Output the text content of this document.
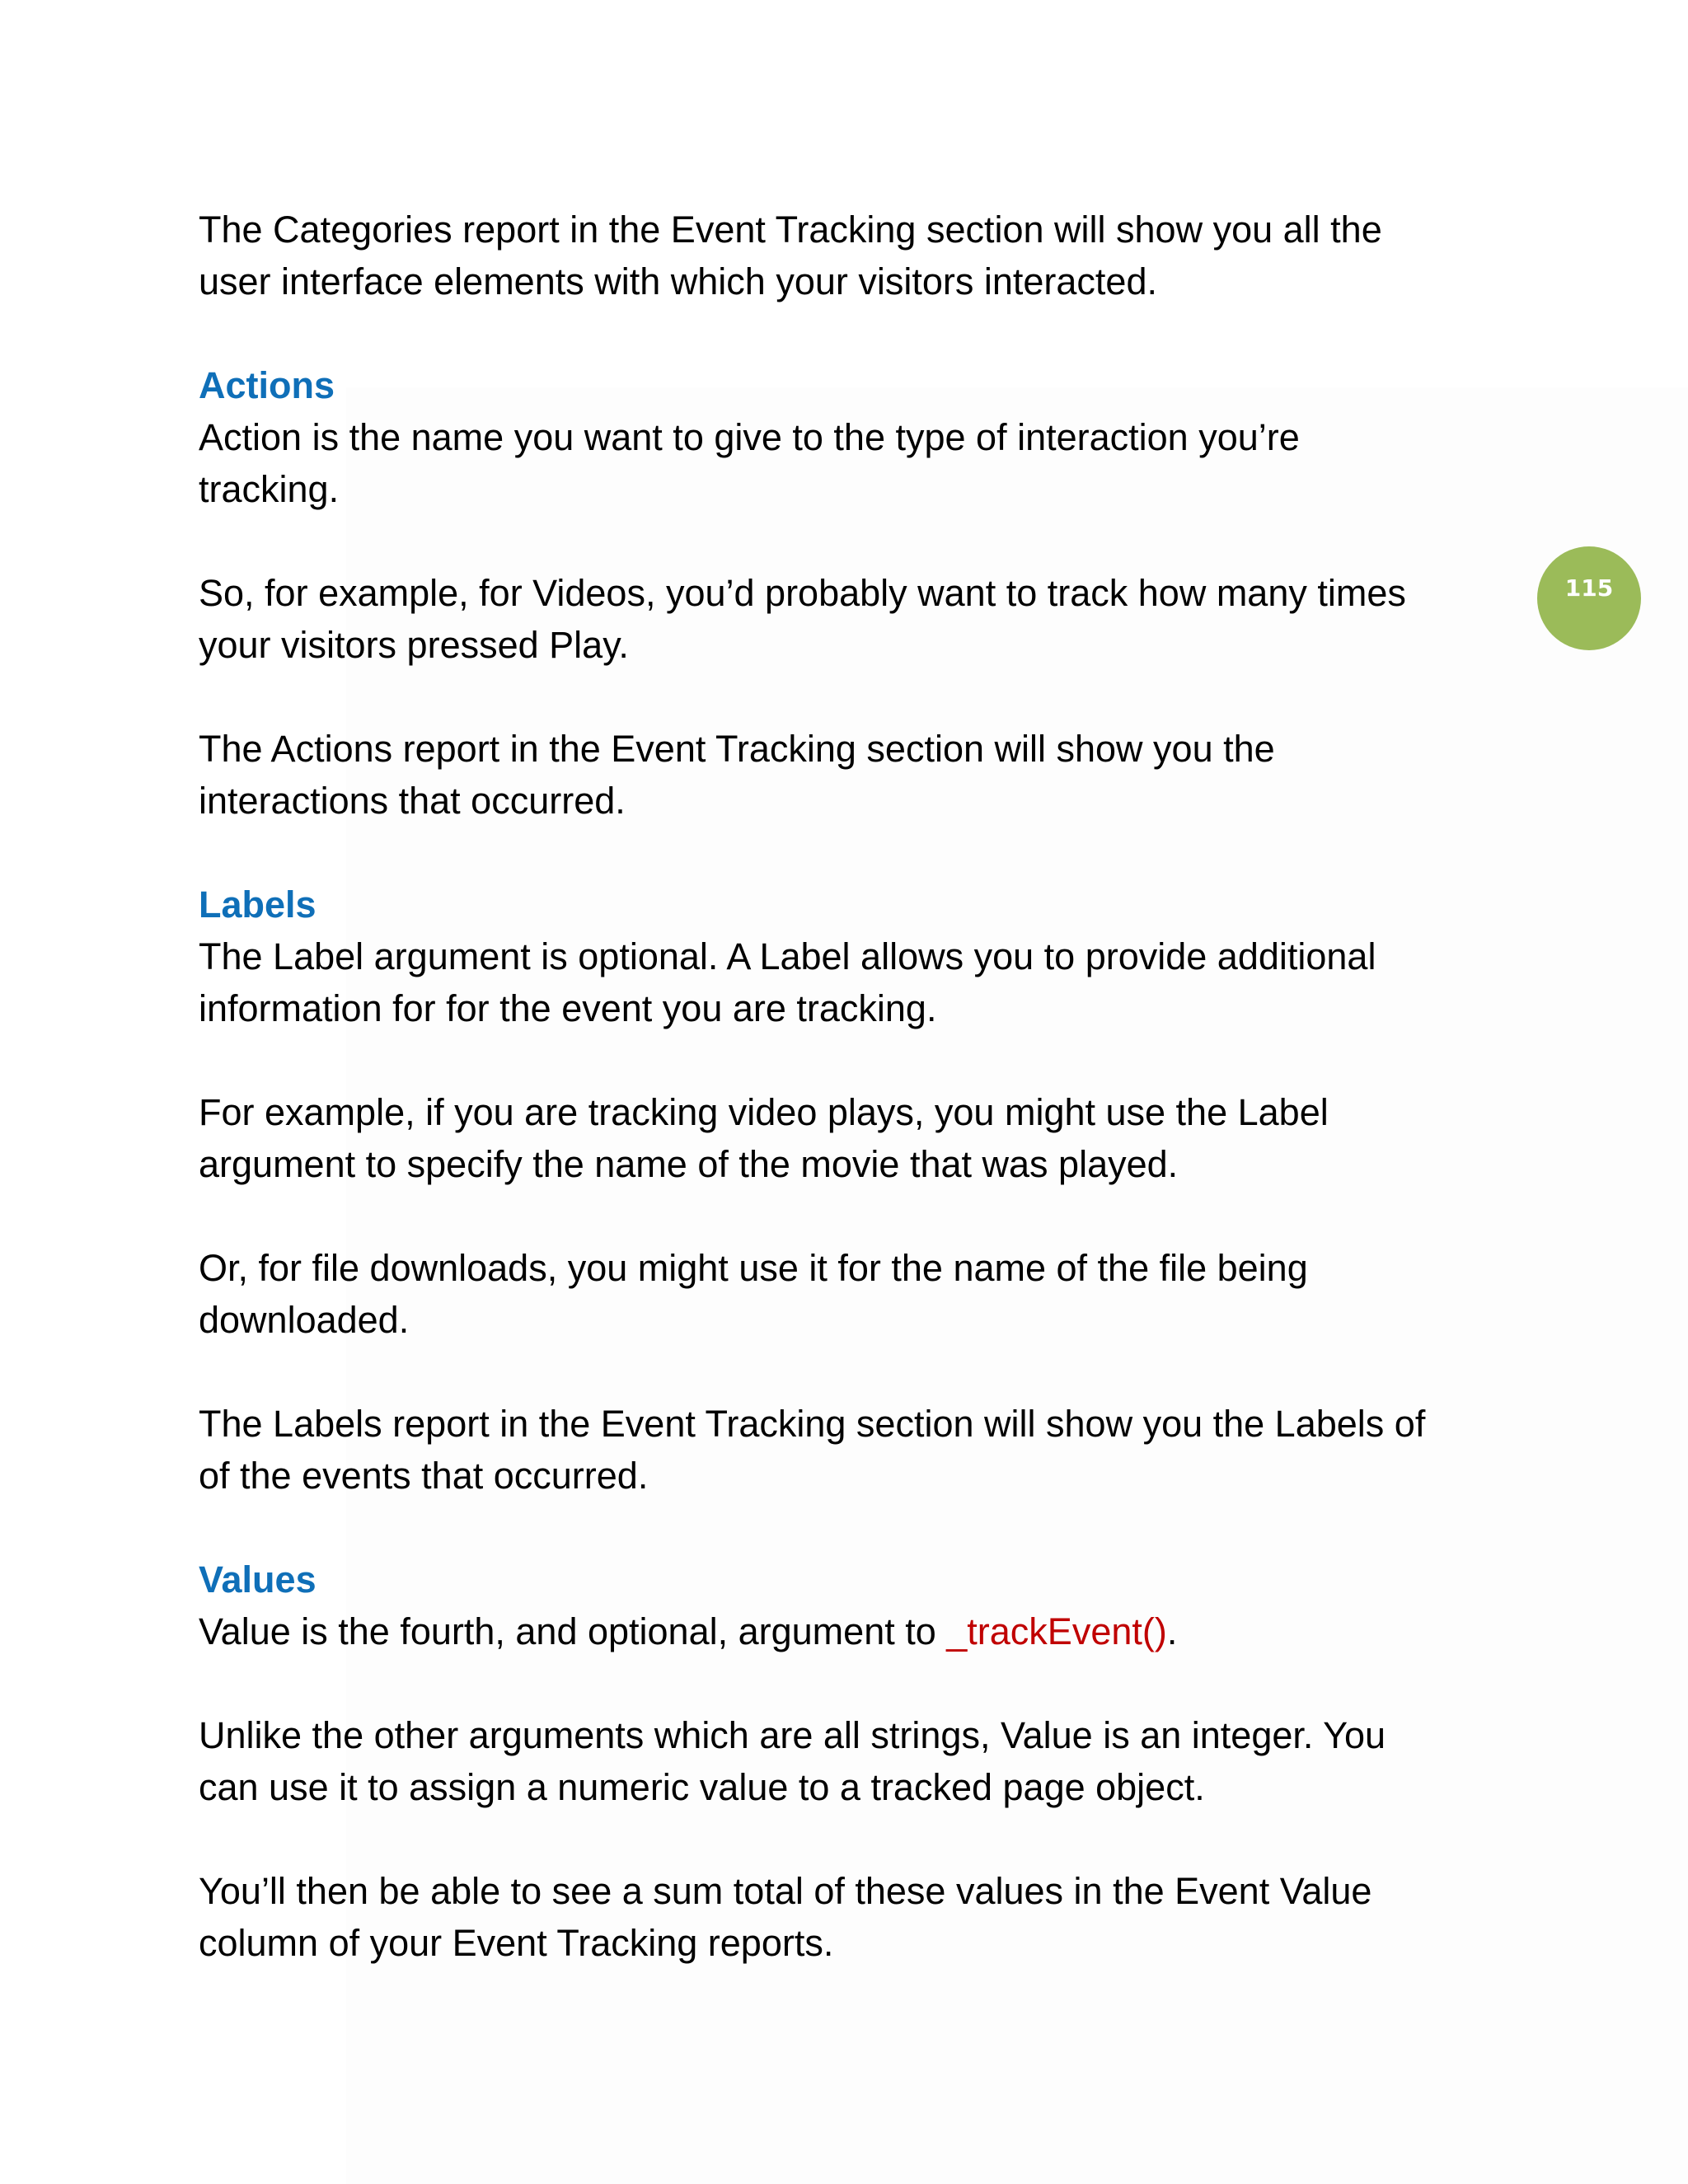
115

The Categories report in the Event Tracking section will show you all the

user interface elements with which your visitors interacted.

Actions

Action is the name you want to give to the type of interaction you’re

tracking.

So, for example, for Videos, you’d probably want to track how many times

your visitors pressed Play.

The Actions report in the Event Tracking section will show you the

interactions that occurred.

Labels

The Label argument is optional. A Label allows you to provide additional

information for for the event you are tracking.

For example, if you are tracking video plays, you might use the Label

argument to specify the name of the movie that was played.

Or, for file downloads, you might use it for the name of the file being

downloaded.

The Labels report in the Event Tracking section will show you the Labels of

of the events that occurred.

Values

Value is the fourth, and optional, argument to _trackEvent().

Unlike the other arguments which are all strings, Value is an integer. You

can use it to assign a numeric value to a tracked page object.

You’ll then be able to see a sum total of these values in the Event Value

column of your Event Tracking reports.
